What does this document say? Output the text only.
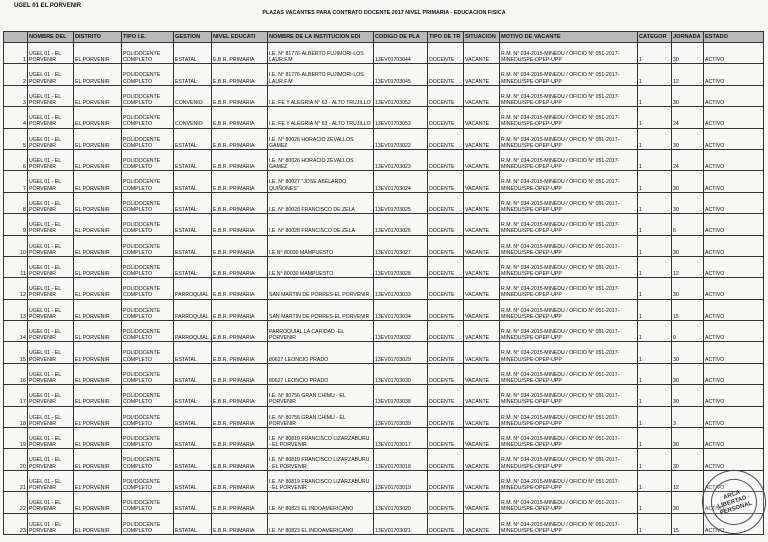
UGEL 01 EL PORVENIR
PLAZAS VACANTES PARA CONTRATO DOCENTE 2017 NIVEL PRIMARIA - EDUCACION FISICA
	NOMBRE DEL	DISTRITO	TIPO I.E.	GESTION	NIVEL EDUCATI	NOMBRE DE LA INSTITUCION EDI	CODIGO DE PLA	TIPO DE TR	SITUACION	MOTIVO DE VACANTE	CATEGOR	JORNADA	ESTADO
1	UGEL 01 - EL PORVENIR	EL PORVENIR	POLIDOCENTE COMPLETO	ESTATAL	E.B.R. PRIMARIA	I.E. N° 81776-ALBERTO FUJIMORI-LOS LAUR.F.M	13EV01703044	DOCENTE	VACANTE	R.M. N° 034-2015-MINEDU / OFICIO N° 051-2017-MINEDU/SPE-OPEP-UPP	1	30	ACTIVO
2	UGEL 01 - EL PORVENIR	EL PORVENIR	POLIDOCENTE COMPLETO	ESTATAL	E.B.R. PRIMARIA	I.E. N° 81776-ALBERTO FUJIMORI-LOS LAUR.F.M	13EV01703045	DOCENTE	VACANTE	R.M. N° 034-2015-MINEDU / OFICIO N° 051-2017-MINEDU/SPE-OPEP-UPP	1	12	ACTIVO
3	UGEL 01 - EL PORVENIR	EL PORVENIR	POLIDOCENTE COMPLETO	CONVENIO	E.B.R. PRIMARIA	I.E. FE Y ALEGRIA N° 63 - ALTO TRUJILLO	13EV01703052	DOCENTE	VACANTE	R.M. N° 034-2015-MINEDU / OFICIO N° 051-2017-MINEDU/SPE-OPEP-UPP	1	30	ACTIVO
4	UGEL 01 - EL PORVENIR	EL PORVENIR	POLIDOCENTE COMPLETO	CONVENIO	E.B.R. PRIMARIA	I.E. FE Y ALEGRIA N° 63 - ALTO TRUJILLO	13EV01703053	DOCENTE	VACANTE	R.M. N° 034-2015-MINEDU / OFICIO N° 051-2017-MINEDU/SPE-OPEP-UPP	1	24	ACTIVO
5	UGEL 01 - EL PORVENIR	EL PORVENIR	POLIDOCENTE COMPLETO	ESTATAL	E.B.R. PRIMARIA	I.E. N° 80026 HORACIO ZEVALLOS GAMEZ	13EV01703022	DOCENTE	VACANTE	R.M. N° 034-2015-MINEDU / OFICIO N° 051-2017-MINEDU/SPE-OPEP-UPP	1	30	ACTIVO
6	UGEL 01 - EL PORVENIR	EL PORVENIR	POLIDOCENTE COMPLETO	ESTATAL	E.B.R. PRIMARIA	I.E. N° 80026 HORACIO ZEVALLOS GAMEZ	13EV01703023	DOCENTE	VACANTE	R.M. N° 034-2015-MINEDU / OFICIO N° 051-2017-MINEDU/SPE-OPEP-UPP	1	24	ACTIVO
7	UGEL 01 - EL PORVENIR	EL PORVENIR	POLIDOCENTE COMPLETO	ESTATAL	E.B.R. PRIMARIA	I.E. N° 80027 "JOSE ABELARDO QUIÑONES"	13EV01703024	DOCENTE	VACANTE	R.M. N° 034-2015-MINEDU / OFICIO N° 051-2017-MINEDU/SPE-OPEP-UPP	1	30	ACTIVO
8	UGEL 01 - EL PORVENIR	EL PORVENIR	POLIDOCENTE COMPLETO	ESTATAL	E.B.R. PRIMARIA	I.E. N° 80028 FRANCISCO DE ZELA	13EV01703025	DOCENTE	VACANTE	R.M. N° 034-2015-MINEDU / OFICIO N° 051-2017-MINEDU/SPE-OPEP-UPP	1	30	ACTIVO
9	UGEL 01 - EL PORVENIR	EL PORVENIR	POLIDOCENTE COMPLETO	ESTATAL	E.B.R. PRIMARIA	I.E. N° 80028 FRANCISCO DE ZELA	13EV01703026	DOCENTE	VACANTE	R.M. N° 034-2015-MINEDU / OFICIO N° 051-2017-MINEDU/SPE-OPEP-UPP	1	6	ACTIVO
10	UGEL 01 - EL PORVENIR	EL PORVENIR	POLIDOCENTE COMPLETO	ESTATAL	E.B.R. PRIMARIA	I.E N° 80030 MAMPUESTO	13EV01703027	DOCENTE	VACANTE	R.M. N° 034-2015-MINEDU / OFICIO N° 051-2017-MINEDU/SPE-OPEP-UPP	1	30	ACTIVO
11	UGEL 01 - EL PORVENIR	EL PORVENIR	POLIDOCENTE COMPLETO	ESTATAL	E.B.R. PRIMARIA	I.E N° 80030 MAMPUESTO	13EV01703028	DOCENTE	VACANTE	R.M. N° 034-2015-MINEDU / OFICIO N° 051-2017-MINEDU/SPE-OPEP-UPP	1	12	ACTIVO
12	UGEL 01 - EL PORVENIR	EL PORVENIR	POLIDOCENTE COMPLETO	PARROQUIAL	E.B.R. PRIMARIA	SAN MARTIN DE PORRES-EL PORVENIR	13EV01703033	DOCENTE	VACANTE	R.M. N° 034-2015-MINEDU / OFICIO N° 051-2017-MINEDU/SPE-OPEP-UPP	1	30	ACTIVO
13	UGEL 01 - EL PORVENIR	EL PORVENIR	POLIDOCENTE COMPLETO	PARROQUIAL	E.B.R. PRIMARIA	SAN MARTIN DE PORRES-EL PORVENIR	13EV01703034	DOCENTE	VACANTE	R.M. N° 034-2015-MINEDU / OFICIO N° 051-2017-MINEDU/SPE-OPEP-UPP	1	15	ACTIVO
14	UGEL 01 - EL PORVENIR	EL PORVENIR	POLIDOCENTE COMPLETO	PARROQUIAL	E.B.R. PRIMARIA	PARROQUIAL LA CARIDAD -EL PORVENIR	13EV01703032	DOCENTE	VACANTE	R.M. N° 034-2015-MINEDU / OFICIO N° 051-2017-MINEDU/SPE-OPEP-UPP	1	9	ACTIVO
15	UGEL 01 - EL PORVENIR	EL PORVENIR	POLIDOCENTE COMPLETO	ESTATAL	E.B.R. PRIMARIA	80627 LEONCIO PRADO	13EV01703029	DOCENTE	VACANTE	R.M. N° 034-2015-MINEDU / OFICIO N° 051-2017-MINEDU/SPE-OPEP-UPP	1	30	ACTIVO
16	UGEL 01 - EL PORVENIR	EL PORVENIR	POLIDOCENTE COMPLETO	ESTATAL	E.B.R. PRIMARIA	80627 LEONCIO PRADO	13EV01703030	DOCENTE	VACANTE	R.M. N° 034-2015-MINEDU / OFICIO N° 051-2017-MINEDU/SPE-OPEP-UPP	1	30	ACTIVO
17	UGEL 01 - EL PORVENIR	EL PORVENIR	POLIDOCENTE COMPLETO	ESTATAL	E.B.R. PRIMARIA	I.E. N° 80756 GRAN CHIMU - EL PORVENIR	13EV01703038	DOCENTE	VACANTE	R.M. N° 034-2015-MINEDU / OFICIO N° 051-2017-MINEDU/SPE-OPEP-UPP	1	30	ACTIVO
18	UGEL 01 - EL PORVENIR	EL PORVENIR	POLIDOCENTE COMPLETO	ESTATAL	E.B.R. PRIMARIA	I.E. N° 80756 GRAN CHIMU - EL PORVENIR	13EV01703039	DOCENTE	VACANTE	R.M. N° 034-2015-MINEDU / OFICIO N° 051-2017-MINEDU/SPE-OPEP-UPP	1	3	ACTIVO
19	UGEL 01 - EL PORVENIR	EL PORVENIR	POLIDOCENTE COMPLETO	ESTATAL	E.B.R. PRIMARIA	I.E. N° 80819 FRANCISCO LIZARZABURU - EL PORVENIR	13EV01703017	DOCENTE	VACANTE	R.M. N° 034-2015-MINEDU / OFICIO N° 051-2017-MINEDU/SPE-OPEP-UPP	1	30	ACTIVO
20	UGEL 01 - EL PORVENIR	EL PORVENIR	POLIDOCENTE COMPLETO	ESTATAL	E.B.R. PRIMARIA	I.E. N° 80819 FRANCISCO LIZARZABURU - EL PORVENIR	13EV01703018	DOCENTE	VACANTE	R.M. N° 034-2015-MINEDU / OFICIO N° 051-2017-MINEDU/SPE-OPEP-UPP	1	30	ACTIVO
21	UGEL 01 - EL PORVENIR	EL PORVENIR	POLIDOCENTE COMPLETO	ESTATAL	E.B.R. PRIMARIA	I.E. N° 80819 FRANCISCO LIZARZABURU - EL PORVENIR	13EV01703019	DOCENTE	VACANTE	R.M. N° 034-2015-MINEDU / OFICIO N° 051-2017-MINEDU/SPE-OPEP-UPP	1	12	ACTIVO
22	UGEL 01 - EL PORVENIR	EL PORVENIR	POLIDOCENTE COMPLETO	ESTATAL	E.B.R. PRIMARIA	I.E. N° 80823 EL INDOAMERICANO	13EV01703020	DOCENTE	VACANTE	R.M. N° 034-2015-MINEDU / OFICIO N° 051-2017-MINEDU/SPE-OPEP-UPP	1	30	ACTIVO
23	UGEL 01 - EL PORVENIR	EL PORVENIR	POLIDOCENTE COMPLETO	ESTATAL	E.B.R. PRIMARIA	I.E. N° 80823 EL INDOAMERICANO	13EV01703021	DOCENTE	VACANTE	R.M. N° 034-2015-MINEDU / OFICIO N° 051-2017-MINEDU/SPE-OPEP-UPP	1	15	ACTIVO
ARCA LIBERTAD · PERSONAL
